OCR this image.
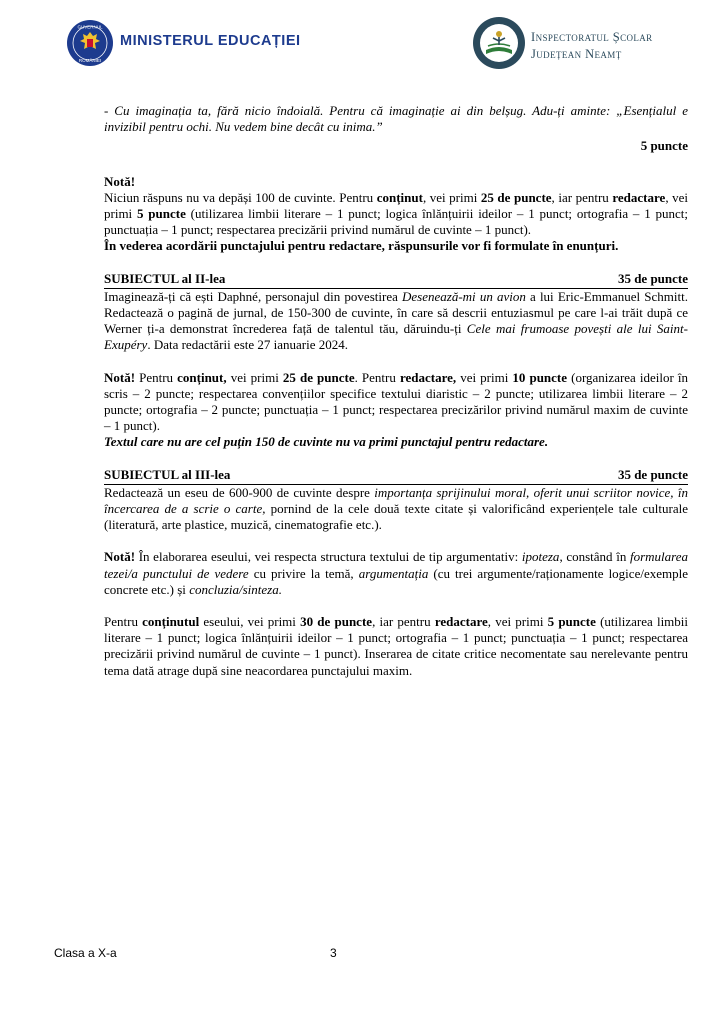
GUVERNUL
ROMÂNIEI
MINISTERUL EDUCAȚIEI	Inspectoratul Școlar
Județean Neamț

- Cu imaginația ta, fără nicio îndoială. Pentru că imaginație ai din belșug. Adu-ți aminte: „Esențialul e invizibil pentru ochi. Nu vedem bine decât cu inima.”

5 puncte

Notă!

Niciun răspuns nu va depăși 100 de cuvinte. Pentru conținut, vei primi 25 de puncte, iar pentru redactare, vei primi 5 puncte (utilizarea limbii literare – 1 punct; logica înlănțuirii ideilor – 1 punct; ortografia – 1 punct; punctuația – 1 punct; respectarea precizării privind numărul de cuvinte – 1 punct).

În vederea acordării punctajului pentru redactare, răspunsurile vor fi formulate în enunțuri.

SUBIECTUL al II-lea	35 de puncte

Imaginează-ți că ești Daphné, personajul din povestirea Desenează-mi un avion a lui Eric-Emmanuel Schmitt. Redactează o pagină de jurnal, de 150-300 de cuvinte, în care să descrii entuziasmul pe care l-ai trăit după ce Werner ți-a demonstrat încrederea față de talentul tău, dăruindu-ți Cele mai frumoase povești ale lui Saint-Exupéry. Data redactării este 27 ianuarie 2024.

Notă! Pentru conținut, vei primi 25 de puncte. Pentru redactare, vei primi 10 puncte (organizarea ideilor în scris – 2 puncte; respectarea convențiilor specifice textului diaristic – 2 puncte; utilizarea limbii literare – 2 puncte; ortografia – 2 puncte; punctuația – 1 punct; respectarea precizărilor privind numărul maxim de cuvinte – 1 punct).

Textul care nu are cel puțin 150 de cuvinte nu va primi punctajul pentru redactare.

SUBIECTUL al III-lea	35 de puncte

Redactează un eseu de 600-900 de cuvinte despre importanța sprijinului moral, oferit unui scriitor novice, în încercarea de a scrie o carte, pornind de la cele două texte citate și valorificând experiențele tale culturale (literatură, arte plastice, muzică, cinematografie etc.).

Notă! În elaborarea eseului, vei respecta structura textului de tip argumentativ: ipoteza, constând în formularea tezei/a punctului de vedere cu privire la temă, argumentația (cu trei argumente/raționamente logice/exemple concrete etc.) și concluzia/sinteza.

Pentru conținutul eseului, vei primi 30 de puncte, iar pentru redactare, vei primi 5 puncte (utilizarea limbii literare – 1 punct; logica înlănțuirii ideilor – 1 punct; ortografia – 1 punct; punctuația – 1 punct; respectarea precizării privind numărul de cuvinte – 1 punct). Inserarea de citate critice necomentate sau nerelevante pentru tema dată atrage după sine neacordarea punctajului maxim.

Clasa a X-a	3
